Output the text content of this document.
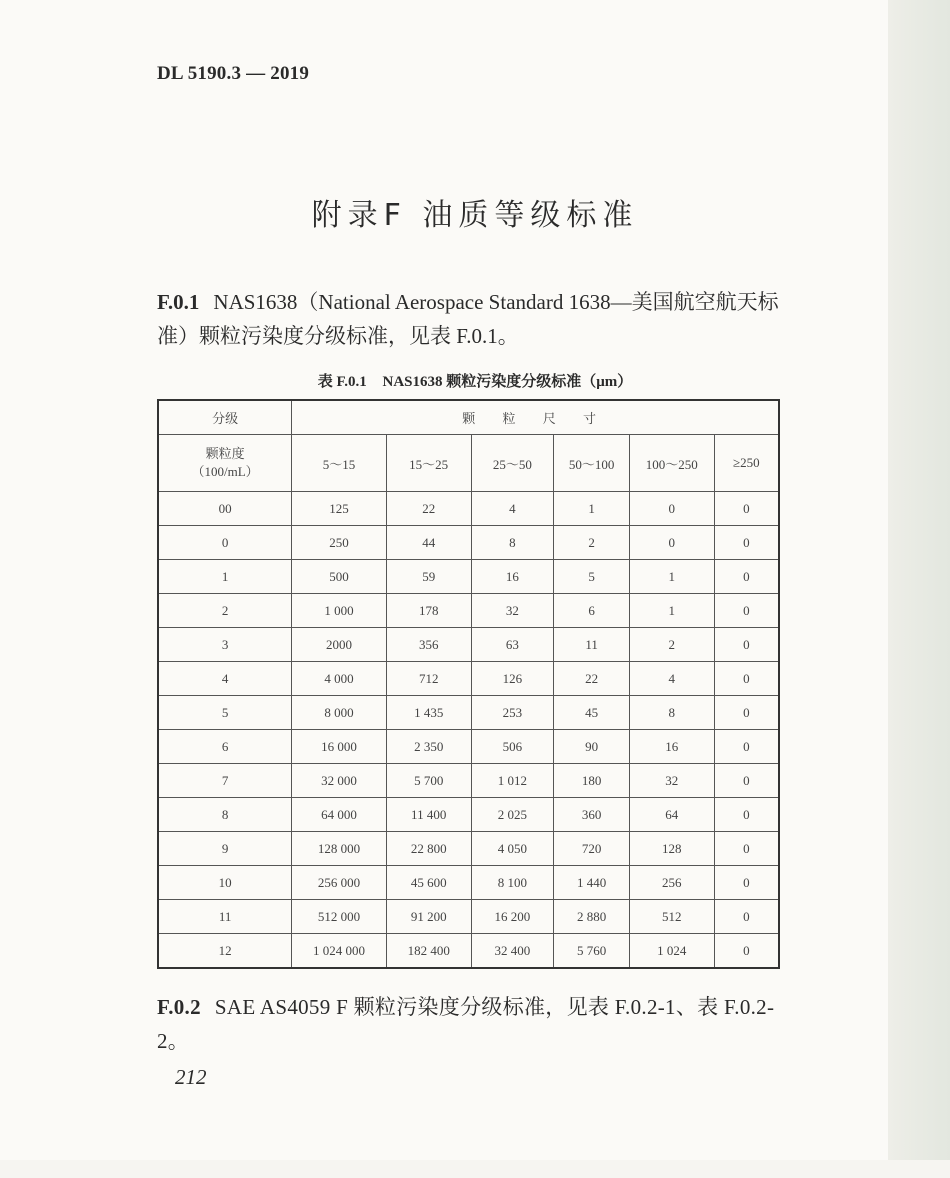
DL 5190.3 — 2019
附录F 油质等级标准
F.0.1 NAS1638（National Aerospace Standard 1638—美国航空航天标准）颗粒污染度分级标准，见表 F.0.1。
表 F.0.1 NAS1638 颗粒污染度分级标准（μm）
分级	颗 粒 尺 寸					
颗粒度
（100/mL）	5～15	15～25	25～50	50～100	100～250	≥250
00	125	22	4	1	0	0
0	250	44	8	2	0	0
1	500	59	16	5	1	0
2	1 000	178	32	6	1	0
3	2000	356	63	11	2	0
4	4 000	712	126	22	4	0
5	8 000	1 435	253	45	8	0
6	16 000	2 350	506	90	16	0
7	32 000	5 700	1 012	180	32	0
8	64 000	11 400	2 025	360	64	0
9	128 000	22 800	4 050	720	128	0
10	256 000	45 600	8 100	1 440	256	0
11	512 000	91 200	16 200	2 880	512	0
12	1 024 000	182 400	32 400	5 760	1 024	0
212
F.0.2 SAE AS4059 F 颗粒污染度分级标准，见表 F.0.2-1、表 F.0.2-2。
